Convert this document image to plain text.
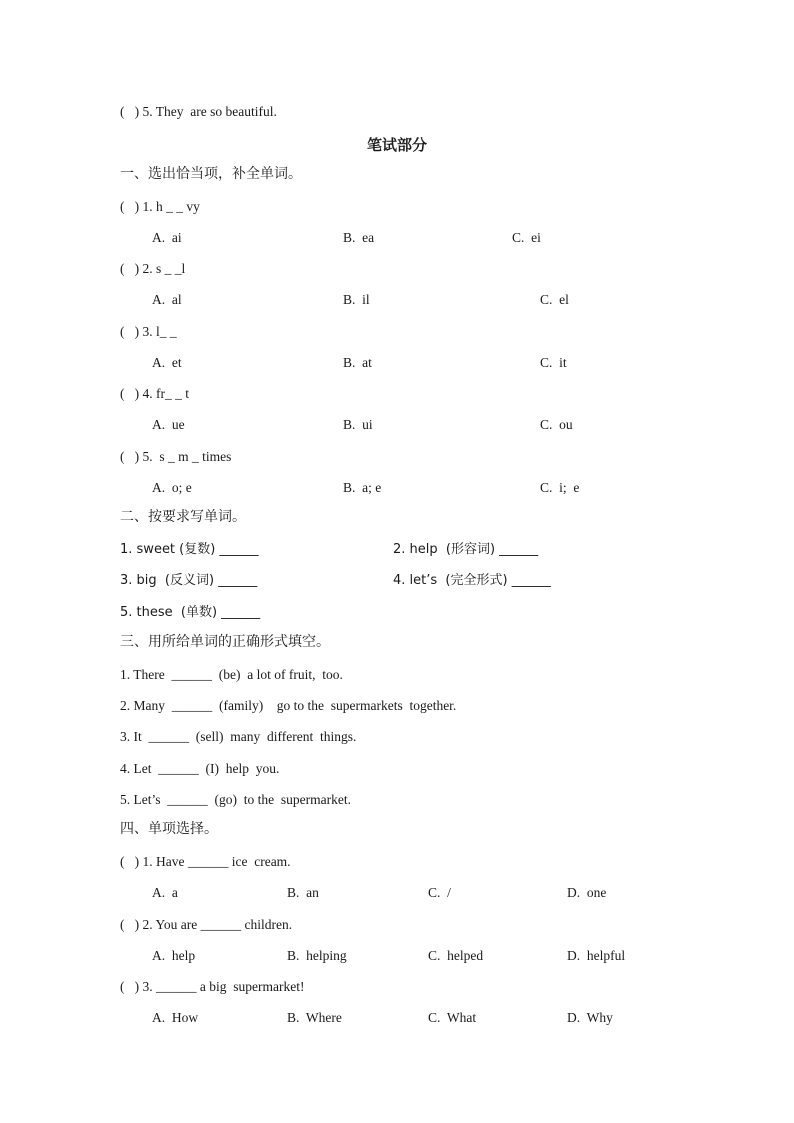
(   ) 5. They  are so beautiful.
笔试部分
一、选出恰当项，补全单词。
(   ) 1. h _ _ vy

A.  ai

	B.  ea

	C.  ei

(   ) 2. s _ _l

A.  al

	B.  il

	C.  el

(   ) 3. l_ _

A.  et

	B.  at

	C.  it

(   ) 4. fr_ _ t

A.  ue

	B.  ui

	C.  ou

(   ) 5.  s _ m _ times

A.  o; e

	B.  a; e

	C.  i;  e

二、按要求写单词。
1. sweet (复数) ______	2. help  (形容词) ______
3. big  (反义词) ______	4. let’s  (完全形式) ______
5. these  (单数) ______
三、用所给单词的正确形式填空。
1. There  ______  (be)  a lot of fruit,  too.
2. Many  ______  (family)    go to the  supermarkets  together.
3. It  ______  (sell)  many  different  things.
4. Let  ______  (I)  help  you.
5. Let’s  ______  (go)  to the  supermarket.
四、单项选择。
(   ) 1. Have ______ ice  cream.

A.  a

	B.  an

	C.  /

	D.  one

(   ) 2. You are ______ children.

A.  help

	B.  helping

	C.  helped

	D.  helpful

(   ) 3. ______ a big  supermarket!

A.  How

	B.  Where

	C.  What

	D.  Why
